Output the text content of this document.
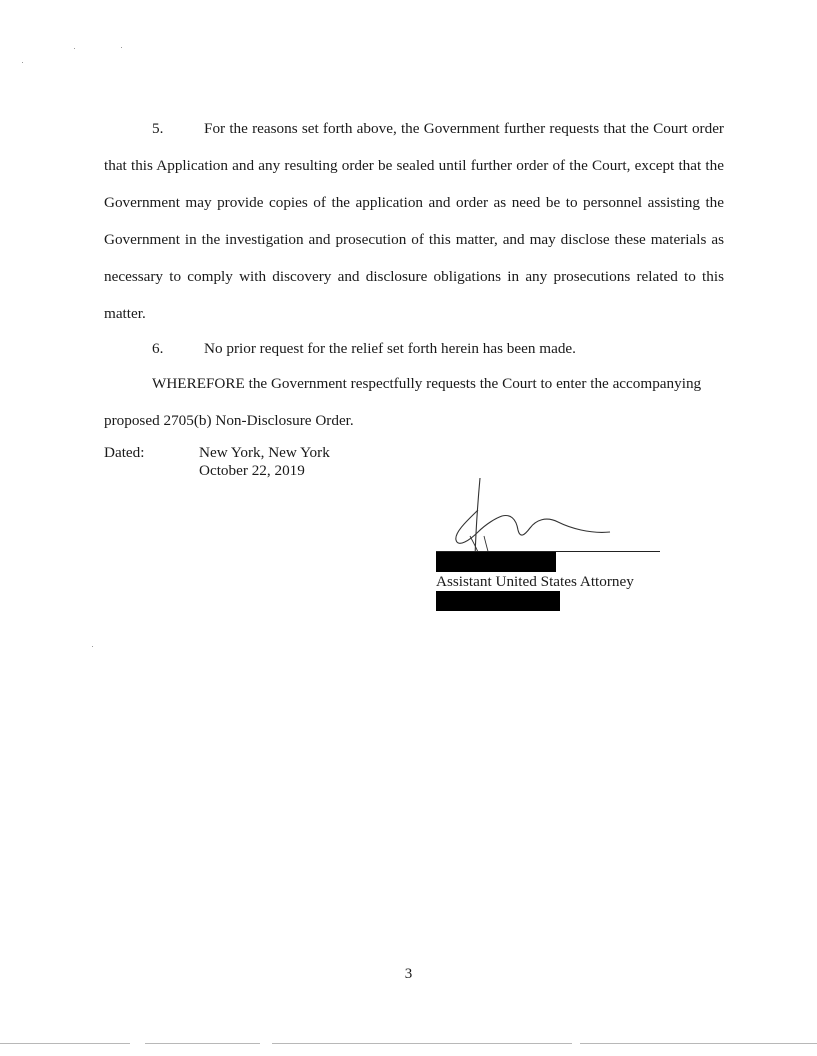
5.	For the reasons set forth above, the Government further requests that the Court order that this Application and any resulting order be sealed until further order of the Court, except that the Government may provide copies of the application and order as need be to personnel assisting the Government in the investigation and prosecution of this matter, and may disclose these materials as necessary to comply with discovery and disclosure obligations in any prosecutions related to this matter.

6.	No prior request for the relief set forth herein has been made.

WHEREFORE the Government respectfully requests the Court to enter the accompanying proposed 2705(b) Non-Disclosure Order.

Dated:	New York, New York
October 22, 2019
Assistant United States Attorney
3
